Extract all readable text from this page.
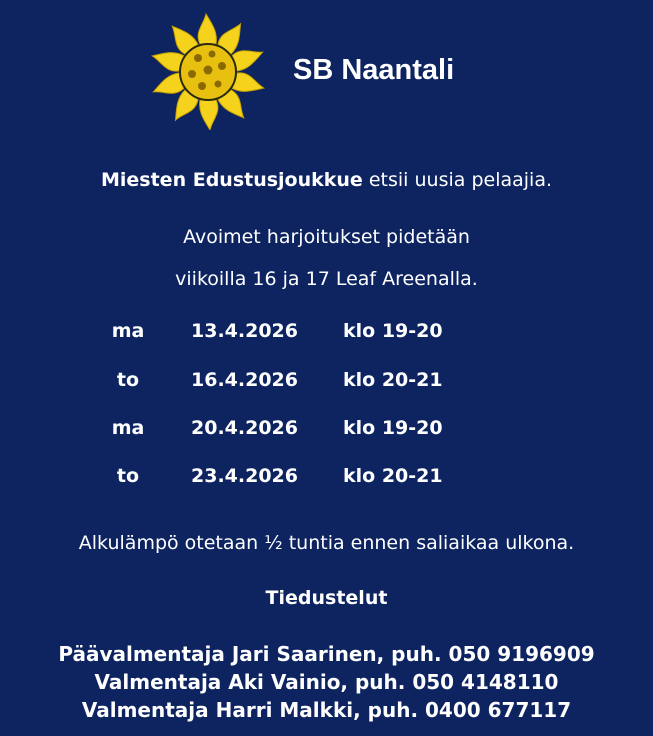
SB Naantali
Miesten Edustusjoukkue etsii uusia pelaajia.
Avoimet harjoitukset pidetään
viikoilla 16 ja 17 Leaf Areenalla.
ma	13.4.2026 klo 19-20
to	16.4.2026 klo 20-21
ma	20.4.2026 klo 19-20
to	23.4.2026 klo 20-21
Alkulämpö otetaan ½ tuntia ennen saliaikaa ulkona.
Tiedustelut
Päävalmentaja Jari Saarinen, puh. 050 9196909
Valmentaja Aki Vainio, puh. 050 4148110
Valmentaja Harri Malkki, puh. 0400 677117
